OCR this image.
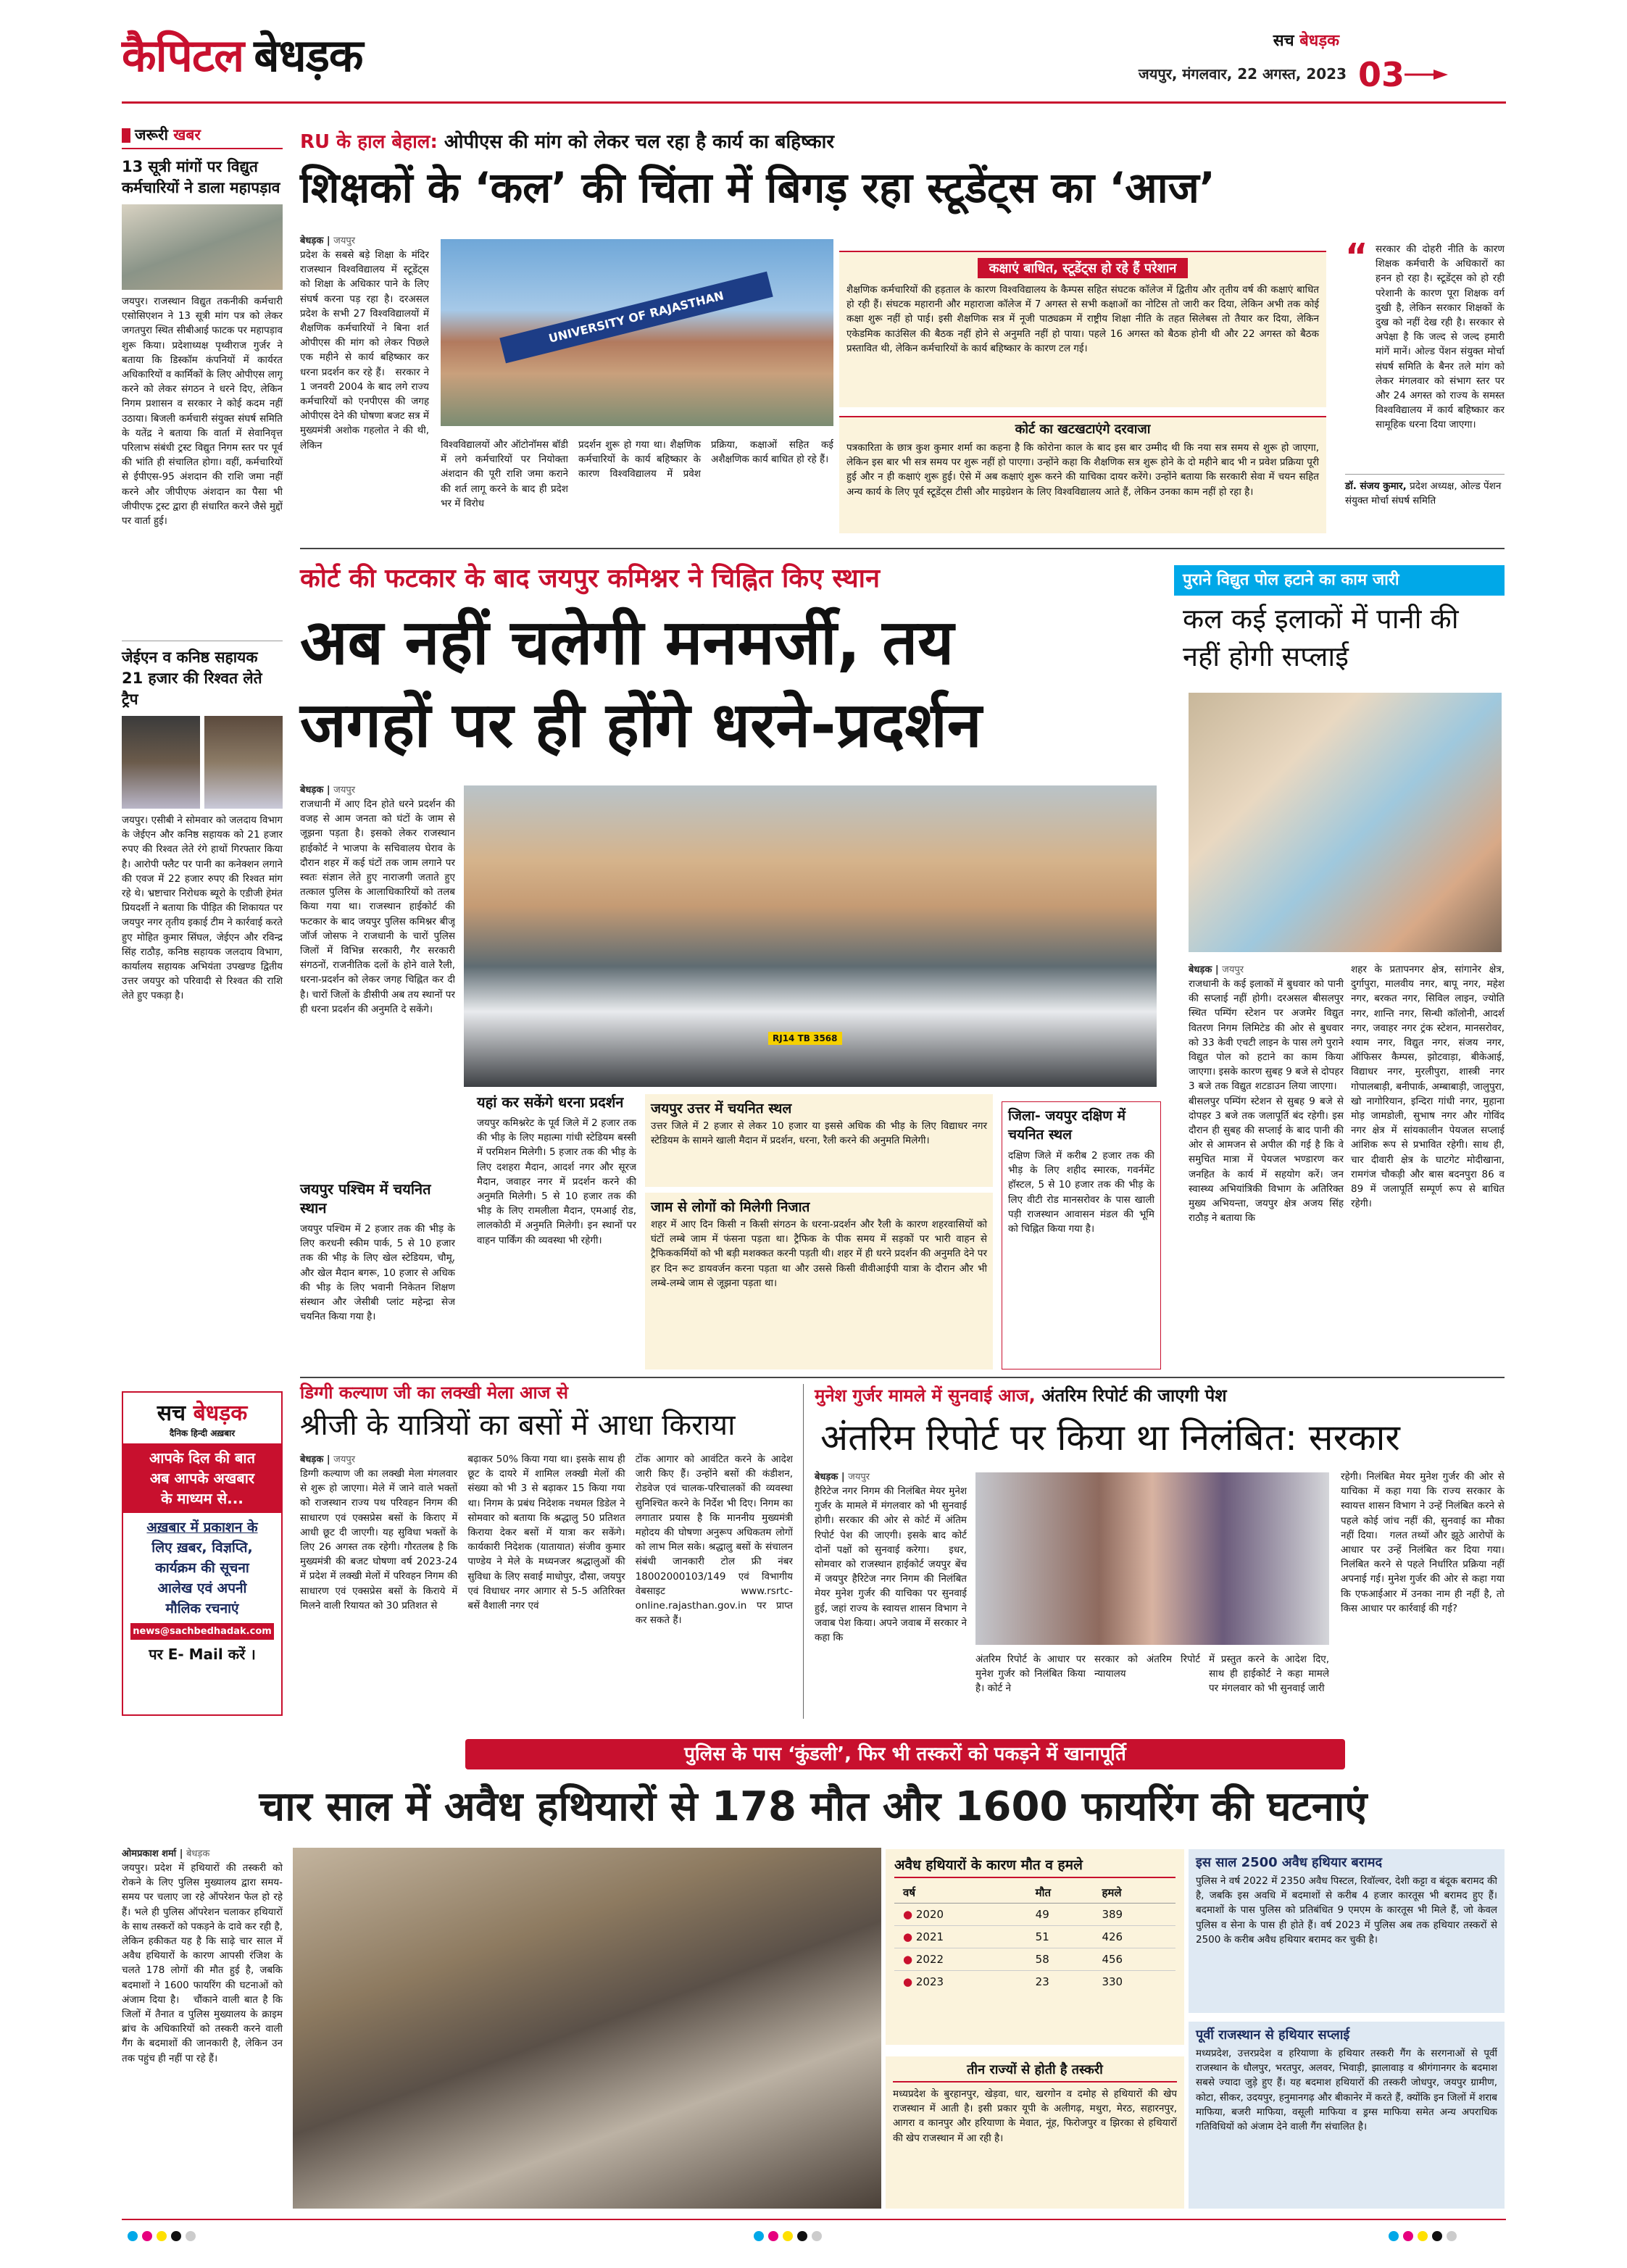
कैपिटल बेधड़क	सच बेधड़क
जयपुर, मंगलवार, 22 अगस्त, 2023 03
जरूरी खबर
13 सूत्री मांगों पर विद्युत कर्मचारियों ने डाला महापड़ाव
जयपुर। राजस्थान विद्युत तकनीकी कर्मचारी एसोसिएशन ने 13 सूत्री मांग पत्र को लेकर जगतपुरा स्थित सीबीआई फाटक पर महापड़ाव शुरू किया। प्रदेशाध्यक्ष पृथ्वीराज गुर्जर ने बताया कि डिस्कॉम कंपनियों में कार्यरत अधिकारियों व कार्मिकों के लिए ओपीएस लागू करने को लेकर संगठन ने धरने दिए, लेकिन निगम प्रशासन व सरकार ने कोई कदम नहीं उठाया। बिजली कर्मचारी संयुक्त संघर्ष समिति के यतेंद्र ने बताया कि वार्ता में सेवानिवृत्त परिलाभ संबंधी ट्रस्ट विद्युत निगम स्तर पर पूर्व की भांति ही संचालित होगा। वहीं, कर्मचारियों से ईपीएस-95 अंशदान की राशि जमा नहीं करने और जीपीएफ अंशदान का पैसा भी जीपीएफ ट्रस्ट द्वारा ही संधारित करने जैसे मुद्दों पर वार्ता हुई।
जेईएन व कनिष्ठ सहायक 21 हजार की रिश्वत लेते ट्रैप
जयपुर। एसीबी ने सोमवार को जलदाय विभाग के जेईएन और कनिष्ठ सहायक को 21 हजार रुपए की रिश्वत लेते रंगे हाथों गिरफ्तार किया है। आरोपी फ्लैट पर पानी का कनेक्शन लगाने की एवज में 22 हजार रुपए की रिश्वत मांग रहे थे। भ्रष्टाचार निरोधक ब्यूरो के एडीजी हेमंत प्रियदर्शी ने बताया कि पीड़ित की शिकायत पर जयपुर नगर तृतीय इकाई टीम ने कार्रवाई करते हुए मोहित कुमार सिंघल, जेईएन और रविन्द्र सिंह राठौड़, कनिष्ठ सहायक जलदाय विभाग, कार्यालय सहायक अभियंता उपखण्ड द्वितीय उत्तर जयपुर को परिवादी से रिश्वत की राशि लेते हुए पकड़ा है।
सच बेधड़क
दैनिक हिन्दी अख़बार
आपके दिल की बात
अब आपके अखबार
के माध्यम से...
अख़बार में प्रकाशन के
लिए ख़बर, विज्ञप्ति,
कार्यक्रम की सूचना
आलेख एवं अपनी
मौलिक रचनाएं
news@sachbedhadak.com
पर E- Mail करें ।
RU के हाल बेहाल: ओपीएस की मांग को लेकर चल रहा है कार्य का बहिष्कार
शिक्षकों के ‘कल’ की चिंता में बिगड़ रहा स्टूडेंट्स का ‘आज’
बेधड़क | जयपुर
प्रदेश के सबसे बड़े शिक्षा के मंदिर राजस्थान विश्वविद्यालय में स्टूडेंट्स को शिक्षा के अधिकार पाने के लिए संघर्ष करना पड़ रहा है। दरअसल प्रदेश के सभी 27 विश्वविद्यालयों में शैक्षणिक कर्मचारियों ने बिना शर्त ओपीएस की मांग को लेकर पिछले एक महीने से कार्य बहिष्कार कर धरना प्रदर्शन कर रहे हैं।   सरकार ने 1 जनवरी 2004 के बाद लगे राज्य कर्मचारियों को एनपीएस की जगह ओपीएस देने की घोषणा बजट सत्र में मुख्यमंत्री अशोक गहलोत ने की थी, लेकिन
UNIVERSITY OF RAJASTHAN
विश्वविद्यालयों और ऑटोनॉमस बॉडी में लगे कर्मचारियों पर नियोक्ता अंशदान की पूरी राशि जमा कराने की शर्त लागू करने के बाद ही प्रदेश भर में विरोध
प्रदर्शन शुरू हो गया था। शैक्षणिक कर्मचारियों के कार्य बहिष्कार के कारण विश्वविद्यालय में प्रवेश प्रक्रिया, कक्षाओं सहित कई अशैक्षणिक कार्य बाधित हो रहे हैं।
कक्षाएं बाधित, स्टूडेंट्स हो रहे हैं परेशान
शैक्षणिक कर्मचारियों की हड़ताल के कारण विश्वविद्यालय के कैम्पस सहित संघटक कॉलेज में द्वितीय और तृतीय वर्ष की कक्षाएं बाधित हो रही हैं। संघटक महारानी और महाराजा कॉलेज में 7 अगस्त से सभी कक्षाओं का नोटिस तो जारी कर दिया, लेकिन अभी तक कोई कक्षा शुरू नहीं हो पाई। इसी शैक्षणिक सत्र में नूजी पाठ्यक्रम में राष्ट्रीय शिक्षा नीति के तहत सिलेबस तो तैयार कर दिया, लेकिन एकेडमिक काउंसिल की बैठक नहीं होने से अनुमति नहीं हो पाया। पहले 16 अगस्त को बैठक होनी थी और 22 अगस्त को बैठक प्रस्तावित थी, लेकिन कर्मचारियों के कार्य बहिष्कार के कारण टल गई।
कोर्ट का खटखटाएंगे दरवाजा
पत्रकारिता के छात्र कुश कुमार शर्मा का कहना है कि कोरोना काल के बाद इस बार उम्मीद थी कि नया सत्र समय से शुरू हो जाएगा, लेकिन इस बार भी सत्र समय पर शुरू नहीं हो पाएगा। उन्होंने कहा कि शैक्षणिक सत्र शुरू होने के दो महीने बाद भी न प्रवेश प्रक्रिया पूरी हुई और न ही कक्षाएं शुरू हुई। ऐसे में अब कक्षाएं शुरू करने की याचिका दायर करेंगे। उन्होंने बताया कि सरकारी सेवा में चयन सहित अन्य कार्य के लिए पूर्व स्टूडेंट्स टीसी और माइग्रेशन के लिए विश्वविद्यालय आते हैं, लेकिन उनका काम नहीं हो रहा है।
“ सरकार की दोहरी नीति के कारण शिक्षक कर्मचारी के अधिकारों का हनन हो रहा है। स्टूडेंट्स को हो रही परेशानी के कारण पूरा शिक्षक वर्ग दुखी है, लेकिन सरकार शिक्षकों के दुख को नहीं देख रही है। सरकार से अपेक्षा है कि जल्द से जल्द हमारी मांगें मानें। ओल्ड पेंशन संयुक्त मोर्चा संघर्ष समिति के बैनर तले मांग को लेकर मंगलवार को संभाग स्तर पर और 24 अगस्त को राज्य के समस्त विश्वविद्यालय में कार्य बहिष्कार कर सामूहिक धरना दिया जाएगा।
डॉ. संजय कुमार, प्रदेश अध्यक्ष, ओल्ड पेंशन संयुक्त मोर्चा संघर्ष समिति
कोर्ट की फटकार के बाद जयपुर कमिश्नर ने चिह्नित किए स्थान
अब नहीं चलेगी मनमर्जी, तय
जगहों पर ही होंगे धरने-प्रदर्शन
बेधड़क | जयपुर
राजधानी में आए दिन होते धरने प्रदर्शन की वजह से आम जनता को घंटों के जाम से जूझना पड़ता है। इसको लेकर राजस्थान हाईकोर्ट ने भाजपा के सचिवालय घेराव के दौरान शहर में कई घंटों तक जाम लगाने पर स्वतः संज्ञान लेते हुए नाराजगी जताते हुए तत्काल पुलिस के आलाधिकारियों को तलब किया गया था। राजस्थान हाईकोर्ट की फटकार के बाद जयपुर पुलिस कमिश्नर बीजू जॉर्ज जोसफ ने राजधानी के चारों पुलिस जिलों में विभिन्न सरकारी, गैर सरकारी संगठनों, राजनीतिक दलों के होने वाले रैली, धरना-प्रदर्शन को लेकर जगह चिह्नित कर दी है। चारों जिलों के डीसीपी अब तय स्थानों पर ही धरना प्रदर्शन की अनुमति दे सकेंगे।
RJ14 TB 3568
जयपुर पश्चिम में चयनित स्थान
जयपुर पश्चिम में 2 हजार तक की भीड़ के लिए करधनी स्कीम पार्क, 5 से 10 हजार तक की भीड़ के लिए खेल स्टेडियम, चौमू, और खेल मैदान बगरू, 10 हजार से अधिक की भीड़ के लिए भवानी निकेतन शिक्षण संस्थान और जेसीबी प्लांट महेन्द्रा सेज चयनित किया गया है।
यहां कर सकेंगे धरना प्रदर्शन
जयपुर कमिश्नरेट के पूर्व जिले में 2 हजार तक की भीड़ के लिए महात्मा गांधी स्टेडियम बस्सी में परमिशन मिलेगी। 5 हजार तक की भीड़ के लिए दशहरा मैदान, आदर्श नगर और सूरज मैदान, जवाहर नगर में प्रदर्शन करने की अनुमति मिलेगी। 5 से 10 हजार तक की भीड़ के लिए रामलीला मैदान, एमआई रोड, लालकोठी में अनुमति मिलेगी। इन स्थानों पर वाहन पार्किंग की व्यवस्था भी रहेगी।
जयपुर उत्तर में चयनित स्थल
उत्तर जिले में 2 हजार से लेकर 10 हजार या इससे अधिक की भीड़ के लिए विद्याधर नगर स्टेडियम के सामने खाली मैदान में प्रदर्शन, धरना, रैली करने की अनुमति मिलेगी।
जाम से लोगों को मिलेगी निजात
शहर में आए दिन किसी न किसी संगठन के धरना-प्रदर्शन और रैली के कारण शहरवासियों को घंटों लम्बे जाम में फंसना पड़ता था। ट्रैफिक के पीक समय में सड़कों पर भारी वाहन से ट्रैफिककर्मियों को भी बड़ी मशक्कत करनी पड़ती थी। शहर में ही धरने प्रदर्शन की अनुमति देने पर हर दिन रूट डायवर्जन करना पड़ता था और उससे किसी वीवीआईपी यात्रा के दौरान और भी लम्बे-लम्बे जाम से जूझना पड़ता था।
जिला- जयपुर दक्षिण में चयनित स्थल
दक्षिण जिले में करीब 2 हजार तक की भीड़ के लिए शहीद स्मारक, गवर्नमेंट हॉस्टल, 5 से 10 हजार तक की भीड़ के लिए वीटी रोड मानसरोवर के पास खाली पड़ी राजस्थान आवासन मंडल की भूमि को चिह्नित किया गया है।
पुराने विद्युत पोल हटाने का काम जारी
कल कई इलाकों में पानी की नहीं होगी सप्लाई
बेधड़क | जयपुर
राजधानी के कई इलाकों में बुधवार को पानी की सप्लाई नहीं होगी। दरअसल बीसलपुर स्थित पम्पिंग स्टेशन पर अजमेर विद्युत वितरण निगम लिमिटेड की ओर से बुधवार को 33 केवी एचटी लाइन के पास लगे पुराने विद्युत पोल को हटाने का काम किया जाएगा। इसके कारण सुबह 9 बजे से दोपहर 3 बजे तक विद्युत शटडाउन लिया जाएगा।   बीसलपुर पम्पिंग स्टेशन से सुबह 9 बजे से दोपहर 3 बजे तक जलापूर्ति बंद रहेगी। इस दौरान ही सुबह की सप्लाई के बाद पानी की ओर से आमजन से अपील की गई है कि वे समुचित मात्रा में पेयजल भण्डारण कर जनहित के कार्य में सहयोग करें। जन स्वास्थ्य अभियांत्रिकी विभाग के अतिरिक्त मुख्य अभियन्ता, जयपुर क्षेत्र अजय सिंह राठौड़ ने बताया कि
शहर के प्रतापनगर क्षेत्र, सांगानेर क्षेत्र, दुर्गापुरा, मालवीय नगर, बापू नगर, महेश नगर, बरकत नगर, सिविल लाइन, ज्योति नगर, शान्ति नगर, सिन्धी कॉलोनी, आदर्श नगर, जवाहर नगर ट्रंक स्टेशन, मानसरोवर, श्याम नगर, विद्युत नगर, संजय नगर, ऑफिसर कैम्पस, झोटवाड़ा, बीकेआई, विद्याधर नगर, मुरलीपुरा, शास्त्री नगर गोपालबाड़ी, बनीपार्क, अम्बाबाड़ी, जालुपुरा, खो नागोरियान, इन्दिरा गांधी नगर, मुहाना मोड़ जामडोली, सुभाष नगर और गोविंद नगर क्षेत्र में सांयकालीन पेयजल सप्लाई आंशिक रूप से प्रभावित रहेगी। साथ ही, चार दीवारी क्षेत्र के घाटगेट मोदीखाना, रामगंज चौकड़ी और बास बदनपुरा 86 व 89 में जलापूर्ति सम्पूर्ण रूप से बाधित रहेगी।
डिग्गी कल्याण जी का लक्खी मेला आज से
श्रीजी के यात्रियों का बसों में आधा किराया
बेधड़क | जयपुर
डिग्गी कल्याण जी का लक्खी मेला मंगलवार से शुरू हो जाएगा। मेले में जाने वाले भक्तों को राजस्थान राज्य पथ परिवहन निगम की साधारण एवं एक्सप्रेस बसों के किराए में आधी छूट दी जाएगी। यह सुविधा भक्तों के लिए 26 अगस्त तक रहेगी। गौरतलब है कि मुख्यमंत्री की बजट घोषणा वर्ष 2023-24 में प्रदेश में लक्खी मेलों में परिवहन निगम की साधारण एवं एक्सप्रेस बसों के किराये में मिलने वाली रियायत को 30 प्रतिशत से
बढ़ाकर 50% किया गया था। इसके साथ ही छूट के दायरे में शामिल लक्खी मेलों की संख्या को भी 3 से बढ़ाकर 15 किया गया था। निगम के प्रबंध निदेशक नथमल डिडेल ने सोमवार को बताया कि श्रद्धालु 50 प्रतिशत किराया देकर बसों में यात्रा कर सकेंगे। कार्यकारी निदेशक (यातायात) संजीव कुमार पाण्डेय ने मेले के मध्यनजर श्रद्धालुओं की सुविधा के लिए सवाई माधोपुर, दौसा, जयपुर एवं विधाधर नगर आगार से 5-5 अतिरिक्त बसें वैशाली नगर एवं
टोंक आगार को आवंटित करने के आदेश जारी किए हैं। उन्होंने बसों की कंडीशन, रोडवेज एवं चालक-परिचालकों की व्यवस्था सुनिश्चित करने के निर्देश भी दिए। निगम का लगातार प्रयास है कि माननीय मुख्यमंत्री महोदय की घोषणा अनुरूप अधिकतम लोगों को लाभ मिल सके। श्रद्धालु बसों के संचालन संबंधी जानकारी टोल फ्री नंबर 18002000103/149 एवं विभागीय वेबसाइट www.rsrtc-online.rajasthan.gov.in पर प्राप्त कर सकते हैं।
मुनेश गुर्जर मामले में सुनवाई आज, अंतरिम रिपोर्ट की जाएगी पेश
अंतरिम रिपोर्ट पर किया था निलंबित: सरकार
बेधड़क | जयपुर
हैरिटेज नगर निगम की निलंबित मेयर मुनेश गुर्जर के मामले में मंगलवार को भी सुनवाई होगी। सरकार की ओर से कोर्ट में अंतिम रिपोर्ट पेश की जाएगी। इसके बाद कोर्ट दोनों पक्षों को सुनवाई करेगा।   इधर, सोमवार को राजस्थान हाईकोर्ट जयपुर बेंच में जयपुर हैरिटेज नगर निगम की निलंबित मेयर मुनेश गुर्जर की याचिका पर सुनवाई हुई, जहां राज्य के स्वायत्त शासन विभाग ने जवाब पेश किया। अपने जवाब में सरकार ने कहा कि
अंतरिम रिपोर्ट के आधार पर मुनेश गुर्जर को निलंबित किया है। कोर्ट ने
सरकार को अंतरिम रिपोर्ट न्यायालय
में प्रस्तुत करने के आदेश दिए, साथ ही हाईकोर्ट ने कहा मामले पर मंगलवार को भी सुनवाई जारी
रहेगी। निलंबित मेयर मुनेश गुर्जर की ओर से याचिका में कहा गया कि राज्य सरकार के स्वायत्त शासन विभाग ने उन्हें निलंबित करने से पहले कोई जांच नहीं की, सुनवाई का मौका नहीं दिया।   गलत तथ्यों और झूठे आरोपों के आधार पर उन्हें निलंबित कर दिया गया। निलंबित करने से पहले निर्धारित प्रक्रिया नहीं अपनाई गई। मुनेश गुर्जर की ओर से कहा गया कि एफआईआर में उनका नाम ही नहीं है, तो किस आधार पर कार्रवाई की गई?
पुलिस के पास ‘कुंडली’, फिर भी तस्करों को पकड़ने में खानापूर्ति
चार साल में अवैध हथियारों से 178 मौत और 1600 फायरिंग की घटनाएं
ओमप्रकाश शर्मा | बेधड़क
जयपुर। प्रदेश में हथियारों की तस्करी को रोकने के लिए पुलिस मुख्यालय द्वारा समय-समय पर चलाए जा रहे ऑपरेशन फेल हो रहे हैं। भले ही पुलिस ऑपरेशन चलाकर हथियारों के साथ तस्करों को पकड़ने के दावे कर रही है, लेकिन हकीकत यह है कि साढ़े चार साल में अवैध हथियारों के कारण आपसी रंजिश के चलते 178 लोगों की मौत हुई है, जबकि बदमाशों ने 1600 फायरिंग की घटनाओं को अंजाम दिया है।   चौंकाने वाली बात है कि जिलों में तैनात व पुलिस मुख्यालय के क्राइम ब्रांच के अधिकारियों को तस्करी करने वाली गैंग के बदमाशों की जानकारी है, लेकिन उन तक पहुंच ही नहीं पा रहे हैं।
अवैध हथियारों के कारण मौत व हमले
वर्ष	मौत	हमले
● 2020	49	389
● 2021	51	426
● 2022	58	456
● 2023	23	330
तीन राज्यों से होती है तस्करी
मध्यप्रदेश के बुरहानपुर, खेड़वा, धार, खरगोन व दमोह से हथियारों की खेप राजस्थान में आती है। इसी प्रकार यूपी के अलीगढ़, मथुरा, मेरठ, सहारनपुर, आगरा व कानपुर और हरियाणा के मेवात, नूंह, फिरोजपुर व झिरका से हथियारों की खेप राजस्थान में आ रही है।
इस साल 2500 अवैध हथियार बरामद
पुलिस ने वर्ष 2022 में 2350 अवैध पिस्टल, रिवॉल्वर, देशी कट्टा व बंदूक बरामद की है, जबकि इस अवधि में बदमाशों से करीब 4 हजार कारतूस भी बरामद हुए हैं। बदमाशों के पास पुलिस को प्रतिबंधित 9 एमएम के कारतूस भी मिले हैं, जो केवल पुलिस व सेना के पास ही होते हैं। वर्ष 2023 में पुलिस अब तक हथियार तस्करों से 2500 के करीब अवैध हथियार बरामद कर चुकी है।
पूर्वी राजस्थान से हथियार सप्लाई
मध्यप्रदेश, उत्तरप्रदेश व हरियाणा के हथियार तस्करी गैंग के सरगनाओं से पूर्वी राजस्थान के धौलपुर, भरतपुर, अलवर, भिवाड़ी, झालावाड़ व श्रीगंगानगर के बदमाश सबसे ज्यादा जुड़े हुए हैं। यह बदमाश हथियारों की तस्करी जोधपुर, जयपुर ग्रामीण, कोटा, सीकर, उदयपुर, हनुमानगढ़ और बीकानेर में करते हैं, क्योंकि इन जिलों में शराब माफिया, बजरी माफिया, वसूली माफिया व ड्रग्स माफिया समेत अन्य अपराधिक गतिविधियों को अंजाम देने वाली गैंग संचालित है।
